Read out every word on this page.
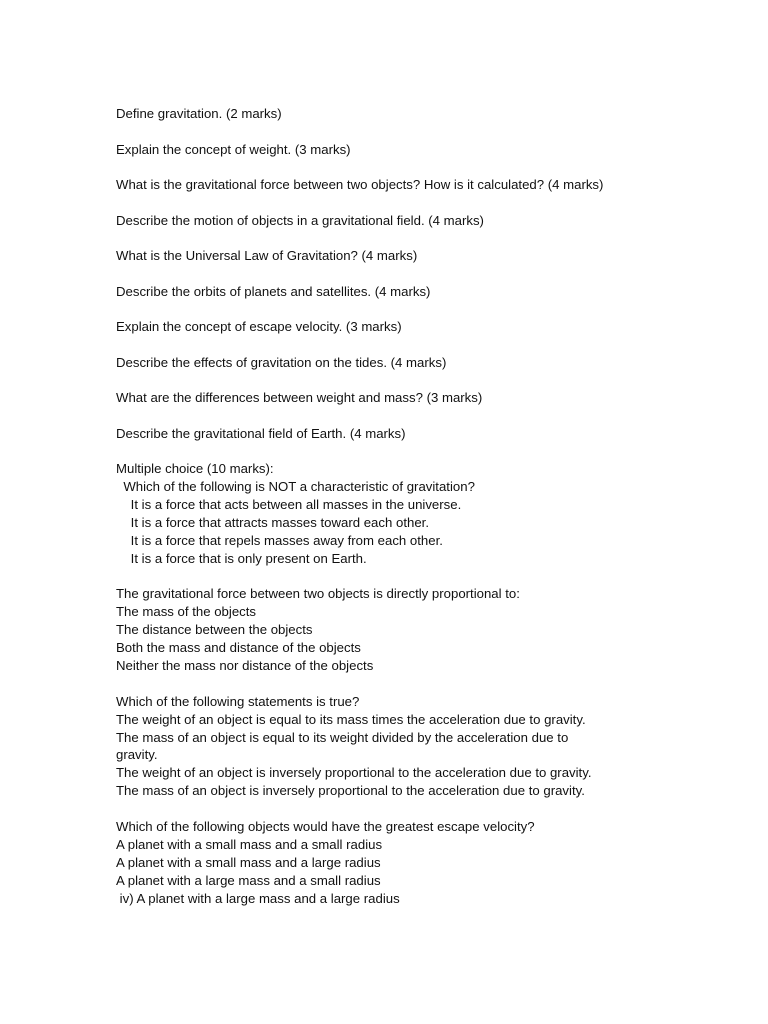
Define gravitation. (2 marks)
Explain the concept of weight. (3 marks)
What is the gravitational force between two objects? How is it calculated? (4 marks)
Describe the motion of objects in a gravitational field. (4 marks)
What is the Universal Law of Gravitation? (4 marks)
Describe the orbits of planets and satellites. (4 marks)
Explain the concept of escape velocity. (3 marks)
Describe the effects of gravitation on the tides. (4 marks)
What are the differences between weight and mass? (3 marks)
Describe the gravitational field of Earth. (4 marks)
Multiple choice (10 marks):
Which of the following is NOT a characteristic of gravitation?
It is a force that acts between all masses in the universe.
It is a force that attracts masses toward each other.
It is a force that repels masses away from each other.
It is a force that is only present on Earth.
The gravitational force between two objects is directly proportional to:
The mass of the objects
The distance between the objects
Both the mass and distance of the objects
Neither the mass nor distance of the objects
Which of the following statements is true?
The weight of an object is equal to its mass times the acceleration due to gravity.
The mass of an object is equal to its weight divided by the acceleration due to
gravity.
The weight of an object is inversely proportional to the acceleration due to gravity.
The mass of an object is inversely proportional to the acceleration due to gravity.
Which of the following objects would have the greatest escape velocity?
A planet with a small mass and a small radius
A planet with a small mass and a large radius
A planet with a large mass and a small radius
iv) A planet with a large mass and a large radius
